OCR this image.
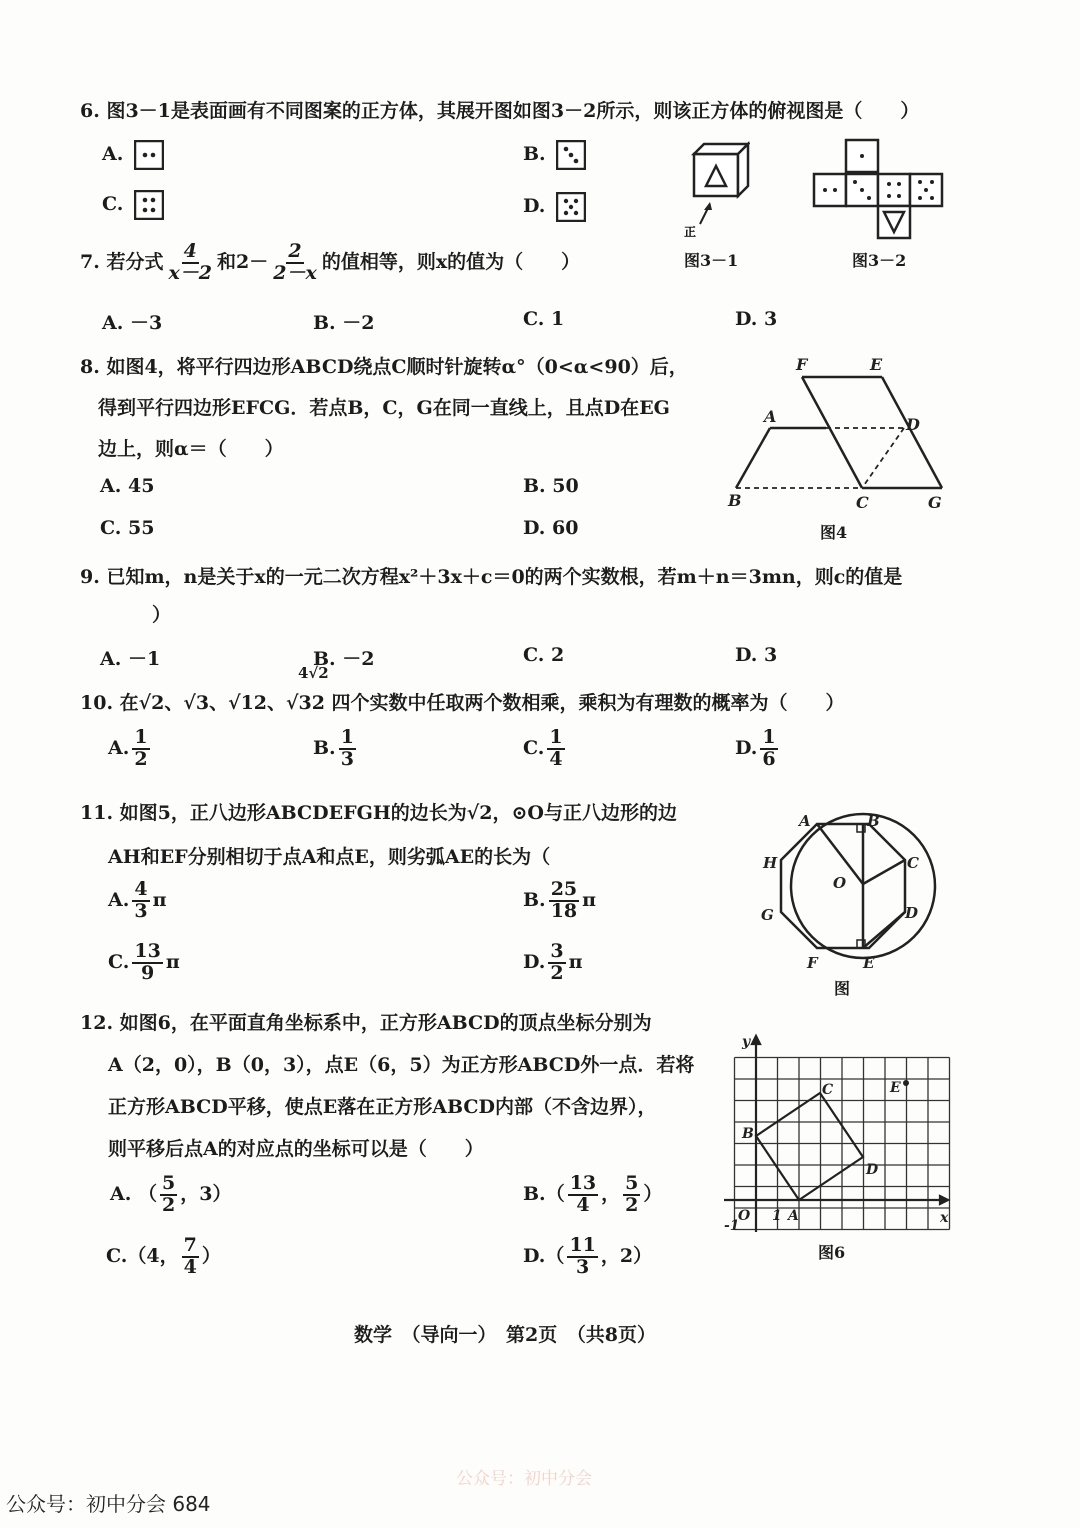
6. 图3－1是表面画有不同图案的正方体，其展开图如图3－2所示，则该正方体的俯视图是（　　）
A.	B.
C.	D.
正
图3－1	图3－2
7. 若分式 $\frac{4}{x-2}$ 和$2- \frac{2}{2-x}$ 的值相等，则x的值为（　　）
A. －3	B. －2	C. 1	D. 3
8. 如图4，将平行四边形ABCD绕点C顺时针旋转α°（0<α<90）后，
得到平行四边形EFCG．若点B，C，G在同一直线上，且点D在EG
边上，则α＝（　　）
A. 45	B. 50
C. 55	D. 60
F	E
A	D
B	C	G
图4
9. 已知m，n是关于x的一元二次方程x²＋3x＋c＝0的两个实数根，若m＋n＝3mn，则c的值是
）
A. －1	B. －2	C. 2	D. 3
4√2
10. 在√2、√3、√12、√32 四个实数中任取两个数相乘，乘积为有理数的概率为（　　）
A. $\frac{1}{2}$	B. $\frac{1}{3}$	C. $\frac{1}{4}$	D. $\frac{1}{6}$
11. 如图5，正八边形ABCDEFGH的边长为√2，⊙O与正八边形的边
AH和EF分别相切于点A和点E，则劣弧AE的长为（
A. $\frac{4}{3}$ π	B. $\frac{25}{18}$ π
C. $\frac{13}{9}$ π	D. $\frac{3}{2}$ π
A	B
C
D
E
F
G
H
O
图
12. 如图6，在平面直角坐标系中，正方形ABCD的顶点坐标分别为
A（2，0），B（0，3），点E（6，5）为正方形ABCD外一点．若将
正方形ABCD平移，使点E落在正方形ABCD内部（不含边界），
则平移后点A的对应点的坐标可以是（　　）
A. （ $\frac{5}{2}$ ，3）	$B.( \frac{13}{4}$ ， $\frac{5}{2}$ ）
C.（4， $\frac{7}{4}$ ）	$D.( \frac{11}{3}$ ，2）
y
x
A
B
C
D
E
O 1
-1
图6
数学　（导向一）　第2页　（共8页）
公众号：初中分会
公众号：初中分会 684
